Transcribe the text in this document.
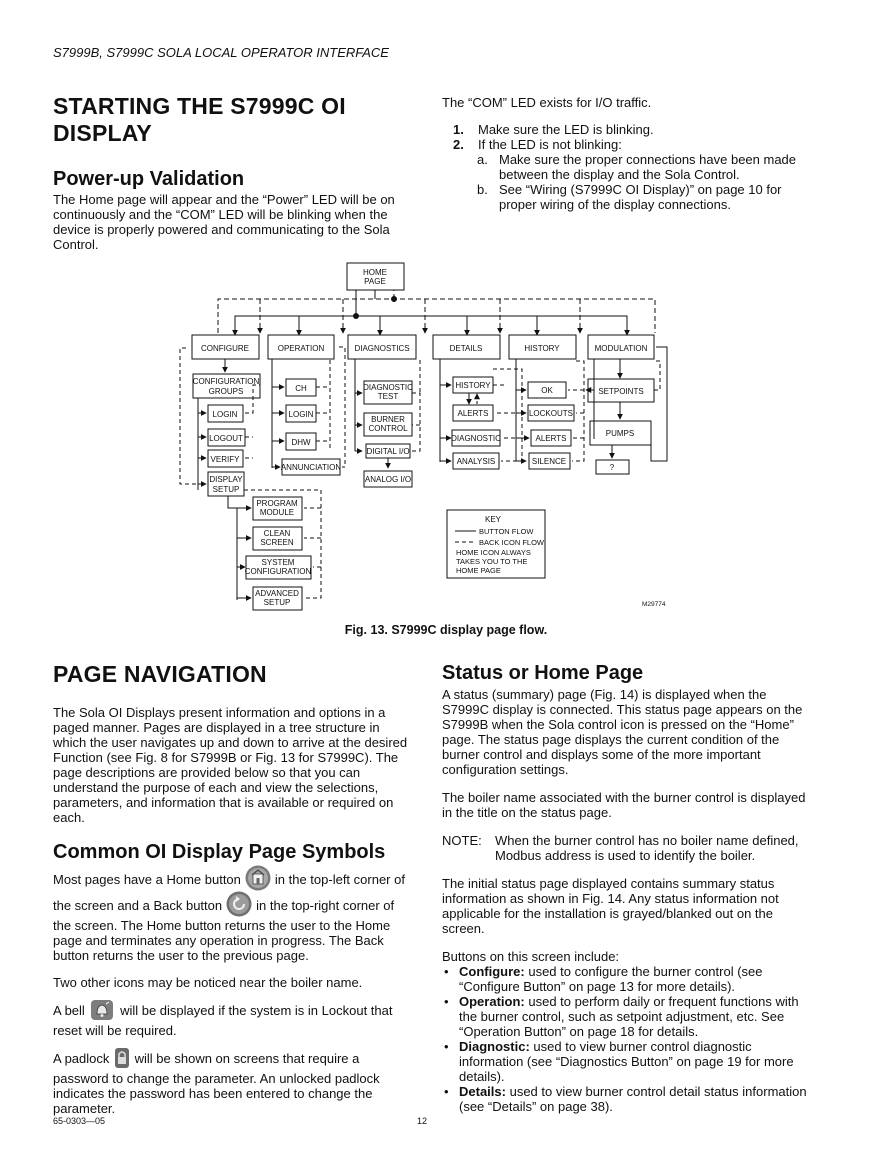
S7999B, S7999C SOLA LOCAL OPERATOR INTERFACE
STARTING THE S7999C OI
DISPLAY
Power-up Validation
The Home page will appear and the “Power” LED will be on continuously and the “COM” LED will be blinking when the device is properly powered and communicating to the Sola Control.
The “COM” LED exists for I/O traffic.
1. Make sure the LED is blinking.
2. If the LED is not blinking:
a. Make sure the proper connections have been made between the display and the Sola Control.
b. See “Wiring (S7999C OI Display)” on page 10 for proper wiring of the display connections.
HOME
PAGE
CONFIGURE	OPERATION	DIAGNOSTICS	DETAILS	HISTORY	MODULATION
CONFIGURATION
GROUPS
LOGIN
LOGOUT
VERIFY
DISPLAY
SETUP
PROGRAM
MODULE
CLEAN
SCREEN
SYSTEM
CONFIGURATION
ADVANCED
SETUP
CH
LOGIN
DHW
ANNUNCIATION
DIAGNOSTIC
TEST
BURNER
CONTROL
DIGITAL I/O
ANALOG I/O
HISTORY
ALERTS
DIAGNOSTIC
ANALYSIS
OK
LOCKOUTS
ALERTS
SILENCE
SETPOINTS
PUMPS
?
KEY
BUTTON FLOW
BACK ICON FLOW
HOME ICON ALWAYS
TAKES YOU TO THE
HOME PAGE
M29774
Fig. 13. S7999C display page flow.
PAGE NAVIGATION
The Sola OI Displays present information and options in a paged manner. Pages are displayed in a tree structure in which the user navigates up and down to arrive at the desired Function (see Fig. 8 for S7999B or Fig. 13 for S7999C). The page descriptions are provided below so that you can understand the purpose of each and view the selections, parameters, and information that is available or required on each.
Common OI Display Page Symbols
Most pages have a Home button	in the top-left corner of
the screen and a Back button	in the top-right corner of
the screen. The Home button returns the user to the Home page and terminates any operation in progress. The Back button returns the user to the previous page.
Two other icons may be noticed near the boiler name.
A bell	will be displayed if the system is in Lockout that reset will be required.
A padlock will be shown on screens that require a password to change the parameter. An unlocked padlock indicates the password has been entered to change the parameter.
Status or Home Page
A status (summary) page (Fig. 14) is displayed when the S7999C display is connected. This status page appears on the S7999B when the Sola control icon is pressed on the “Home” page. The status page displays the current condition of the burner control and displays some of the more important configuration settings.
The boiler name associated with the burner control is displayed in the title on the status page.
NOTE:	When the burner control has no boiler name defined, Modbus address is used to identify the boiler.
The initial status page displayed contains summary status information as shown in Fig. 14. Any status information not applicable for the installation is grayed/blanked out on the screen.
Buttons on this screen include:
• Configure: used to configure the burner control (see “Configure Button” on page 13 for more details).
• Operation: used to perform daily or frequent functions with the burner control, such as setpoint adjustment, etc. See “Operation Button” on page 18 for details.
• Diagnostic: used to view burner control diagnostic information (see “Diagnostics Button” on page 19 for more details).
• Details: used to view burner control detail status information (see “Details” on page 38).
65-0303—05	12
